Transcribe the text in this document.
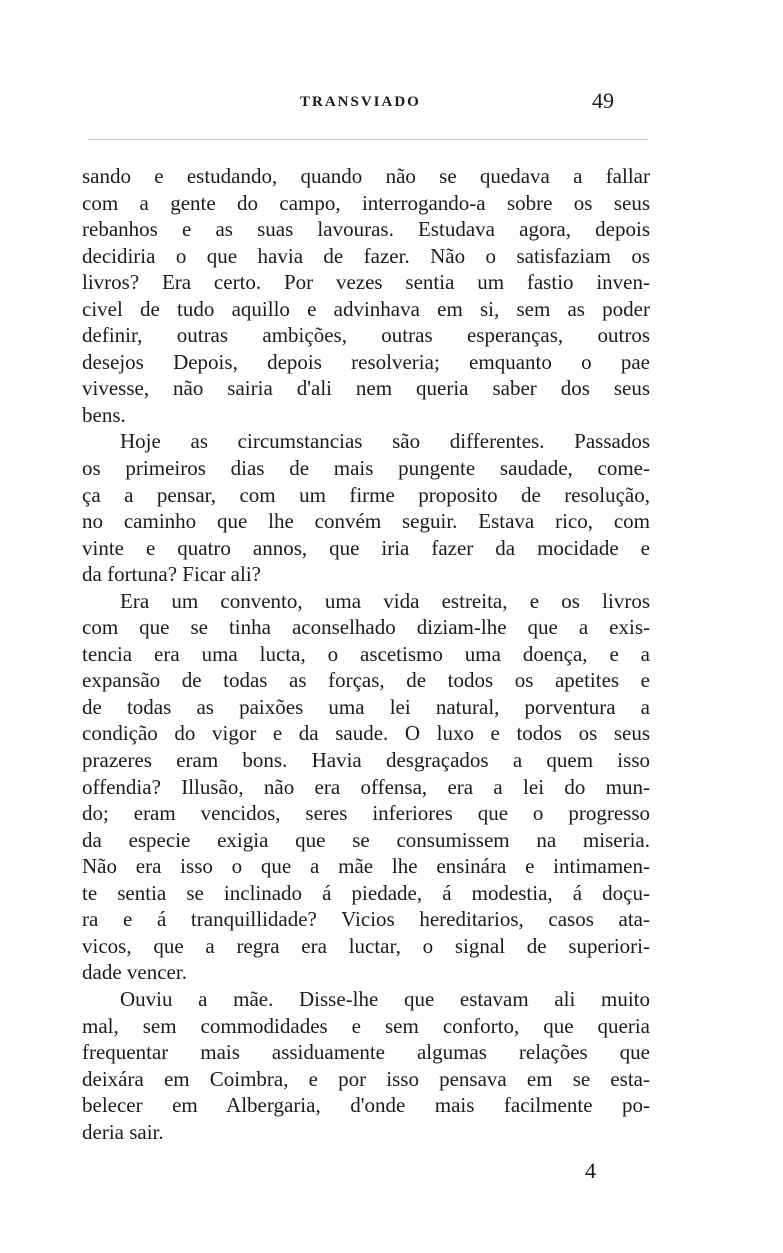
TRANSVIADO	49
sando e estudando, quando não se quedava a fallar
com a gente do campo, interrogando-a sobre os seus
rebanhos e as suas lavouras. Estudava agora, depois
decidiria o que havia de fazer. Não o satisfaziam os
livros? Era certo. Por vezes sentia um fastio inven-
civel de tudo aquillo e advinhava em si, sem as poder
definir, outras ambições, outras esperanças, outros
desejos Depois, depois resolveria; emquanto o pae
vivesse, não sairia d'ali nem queria saber dos seus
bens.
Hoje as circumstancias são differentes. Passados
os primeiros dias de mais pungente saudade, come-
ça a pensar, com um firme proposito de resolução,
no caminho que lhe convém seguir. Estava rico, com
vinte e quatro annos, que iria fazer da mocidade e
da fortuna? Ficar ali?
Era um convento, uma vida estreita, e os livros
com que se tinha aconselhado diziam-lhe que a exis-
tencia era uma lucta, o ascetismo uma doença, e a
expansão de todas as forças, de todos os apetites e
de todas as paixões uma lei natural, porventura a
condição do vigor e da saude. O luxo e todos os seus
prazeres eram bons. Havia desgraçados a quem isso
offendia? Illusão, não era offensa, era a lei do mun-
do; eram vencidos, seres inferiores que o progresso
da especie exigia que se consumissem na miseria.
Não era isso o que a mãe lhe ensinára e intimamen-
te sentia se inclinado á piedade, á modestia, á doçu-
ra e á tranquillidade? Vicios hereditarios, casos ata-
vicos, que a regra era luctar, o signal de superiori-
dade vencer.
Ouviu a mãe. Disse-lhe que estavam ali muito
mal, sem commodidades e sem conforto, que queria
frequentar mais assiduamente algumas relações que
deixára em Coimbra, e por isso pensava em se esta-
belecer em Albergaria, d'onde mais facilmente po-
deria sair.
4
